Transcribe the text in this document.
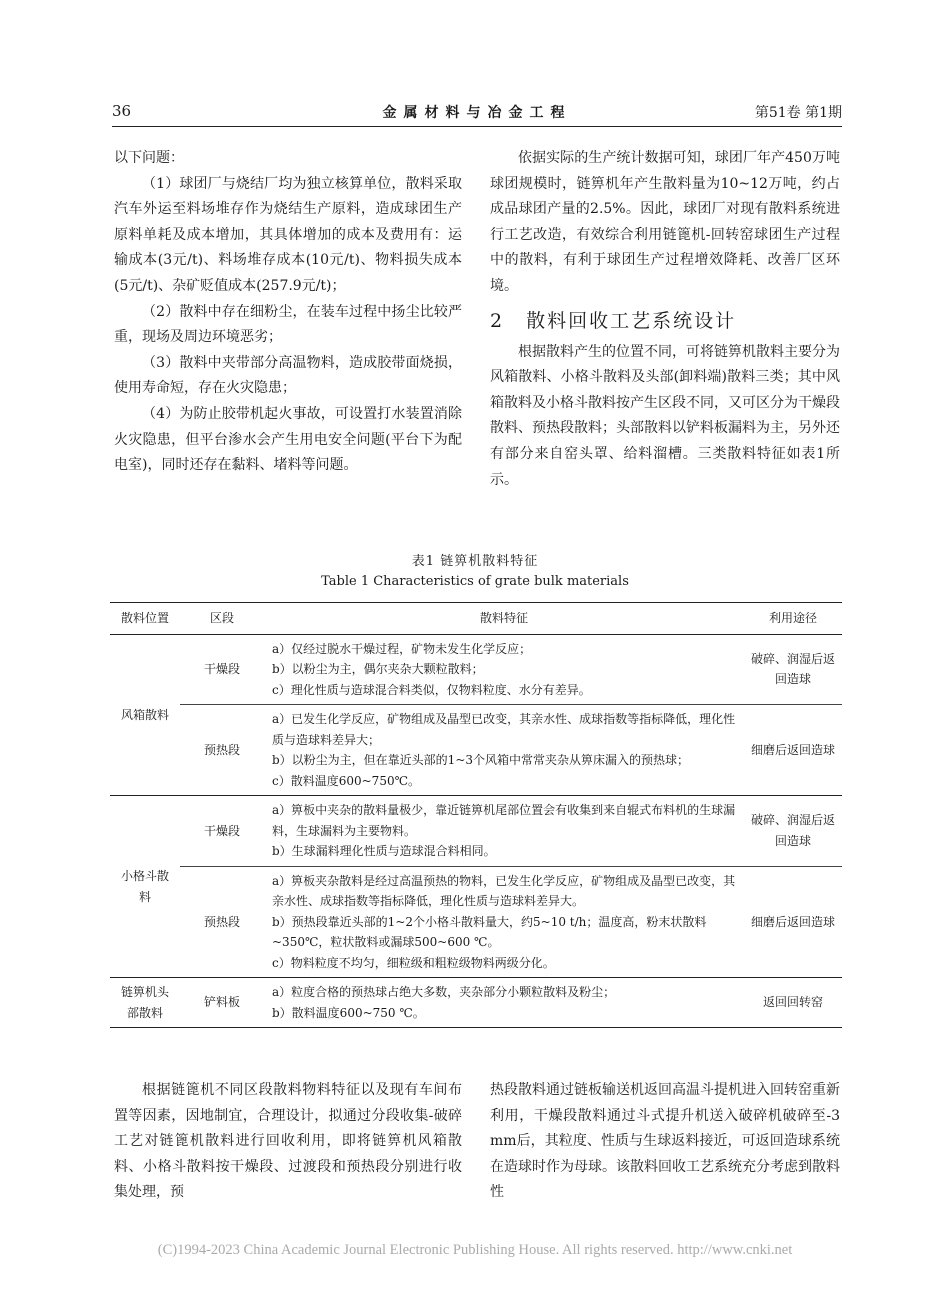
36	金属材料与冶金工程	第51卷 第1期

以下问题：

（1）球团厂与烧结厂均为独立核算单位，散料采取汽车外运至料场堆存作为烧结生产原料，造成球团生产原料单耗及成本增加，其具体增加的成本及费用有：运输成本(3元/t)、料场堆存成本(10元/t)、物料损失成本(5元/t)、杂矿贬值成本(257.9元/t)；

（2）散料中存在细粉尘，在装车过程中扬尘比较严重，现场及周边环境恶劣；

（3）散料中夹带部分高温物料，造成胶带面烧损，使用寿命短，存在火灾隐患；

（4）为防止胶带机起火事故，可设置打水装置消除火灾隐患，但平台渗水会产生用电安全问题(平台下为配电室)，同时还存在黏料、堵料等问题。

依据实际的生产统计数据可知，球团厂年产450万吨球团规模时，链箅机年产生散料量为10~12万吨，约占成品球团产量的2.5%。因此，球团厂对现有散料系统进行工艺改造，有效综合利用链篦机-回转窑球团生产过程中的散料，有利于球团生产过程增效降耗、改善厂区环境。

2 散料回收工艺系统设计

根据散料产生的位置不同，可将链箅机散料主要分为风箱散料、小格斗散料及头部(卸料端)散料三类；其中风箱散料及小格斗散料按产生区段不同，又可区分为干燥段散料、预热段散料；头部散料以铲料板漏料为主，另外还有部分来自窑头罩、给料溜槽。三类散料特征如表1所示。

表1 链箅机散料特征
Table 1 Characteristics of grate bulk materials
散料位置	区段	散料特征	利用途径
风箱散料	干燥段	a）仅经过脱水干燥过程，矿物未发生化学反应；
b）以粉尘为主，偶尔夹杂大颗粒散料；
c）理化性质与造球混合料类似，仅物料粒度、水分有差异。	破碎、润湿后返回造球
	预热段	a）已发生化学反应，矿物组成及晶型已改变，其亲水性、成球指数等指标降低，理化性质与造球料差异大；
b）以粉尘为主，但在靠近头部的1~3个风箱中常常夹杂从箅床漏入的预热球；
c）散料温度600~750℃。	细磨后返回造球
小格斗散料	干燥段	a）箅板中夹杂的散料量极少，靠近链箅机尾部位置会有收集到来自辊式布料机的生球漏料，生球漏料为主要物料。
b）生球漏料理化性质与造球混合料相同。	破碎、润湿后返回造球
	预热段	a）箅板夹杂散料是经过高温预热的物料，已发生化学反应，矿物组成及晶型已改变，其亲水性、成球指数等指标降低，理化性质与造球料差异大。
b）预热段靠近头部的1~2个小格斗散料量大，约5~10 t/h；温度高，粉末状散料~350℃，粒状散料或漏球500~600 ℃。
c）物料粒度不均匀，细粒级和粗粒级物料两级分化。	细磨后返回造球
链箅机头部散料	铲料板	a）粒度合格的预热球占绝大多数，夹杂部分小颗粒散料及粉尘；
b）散料温度600~750 ℃。	返回回转窑

根据链篦机不同区段散料物料特征以及现有车间布置等因素，因地制宜，合理设计，拟通过分段收集-破碎工艺对链篦机散料进行回收利用，即将链箅机风箱散料、小格斗散料按干燥段、过渡段和预热段分别进行收集处理，预

热段散料通过链板输送机返回高温斗提机进入回转窑重新利用，干燥段散料通过斗式提升机送入破碎机破碎至-3 mm后，其粒度、性质与生球返料接近，可返回造球系统在造球时作为母球。该散料回收工艺系统充分考虑到散料性

(C)1994-2023 China Academic Journal Electronic Publishing House. All rights reserved. http://www.cnki.net
